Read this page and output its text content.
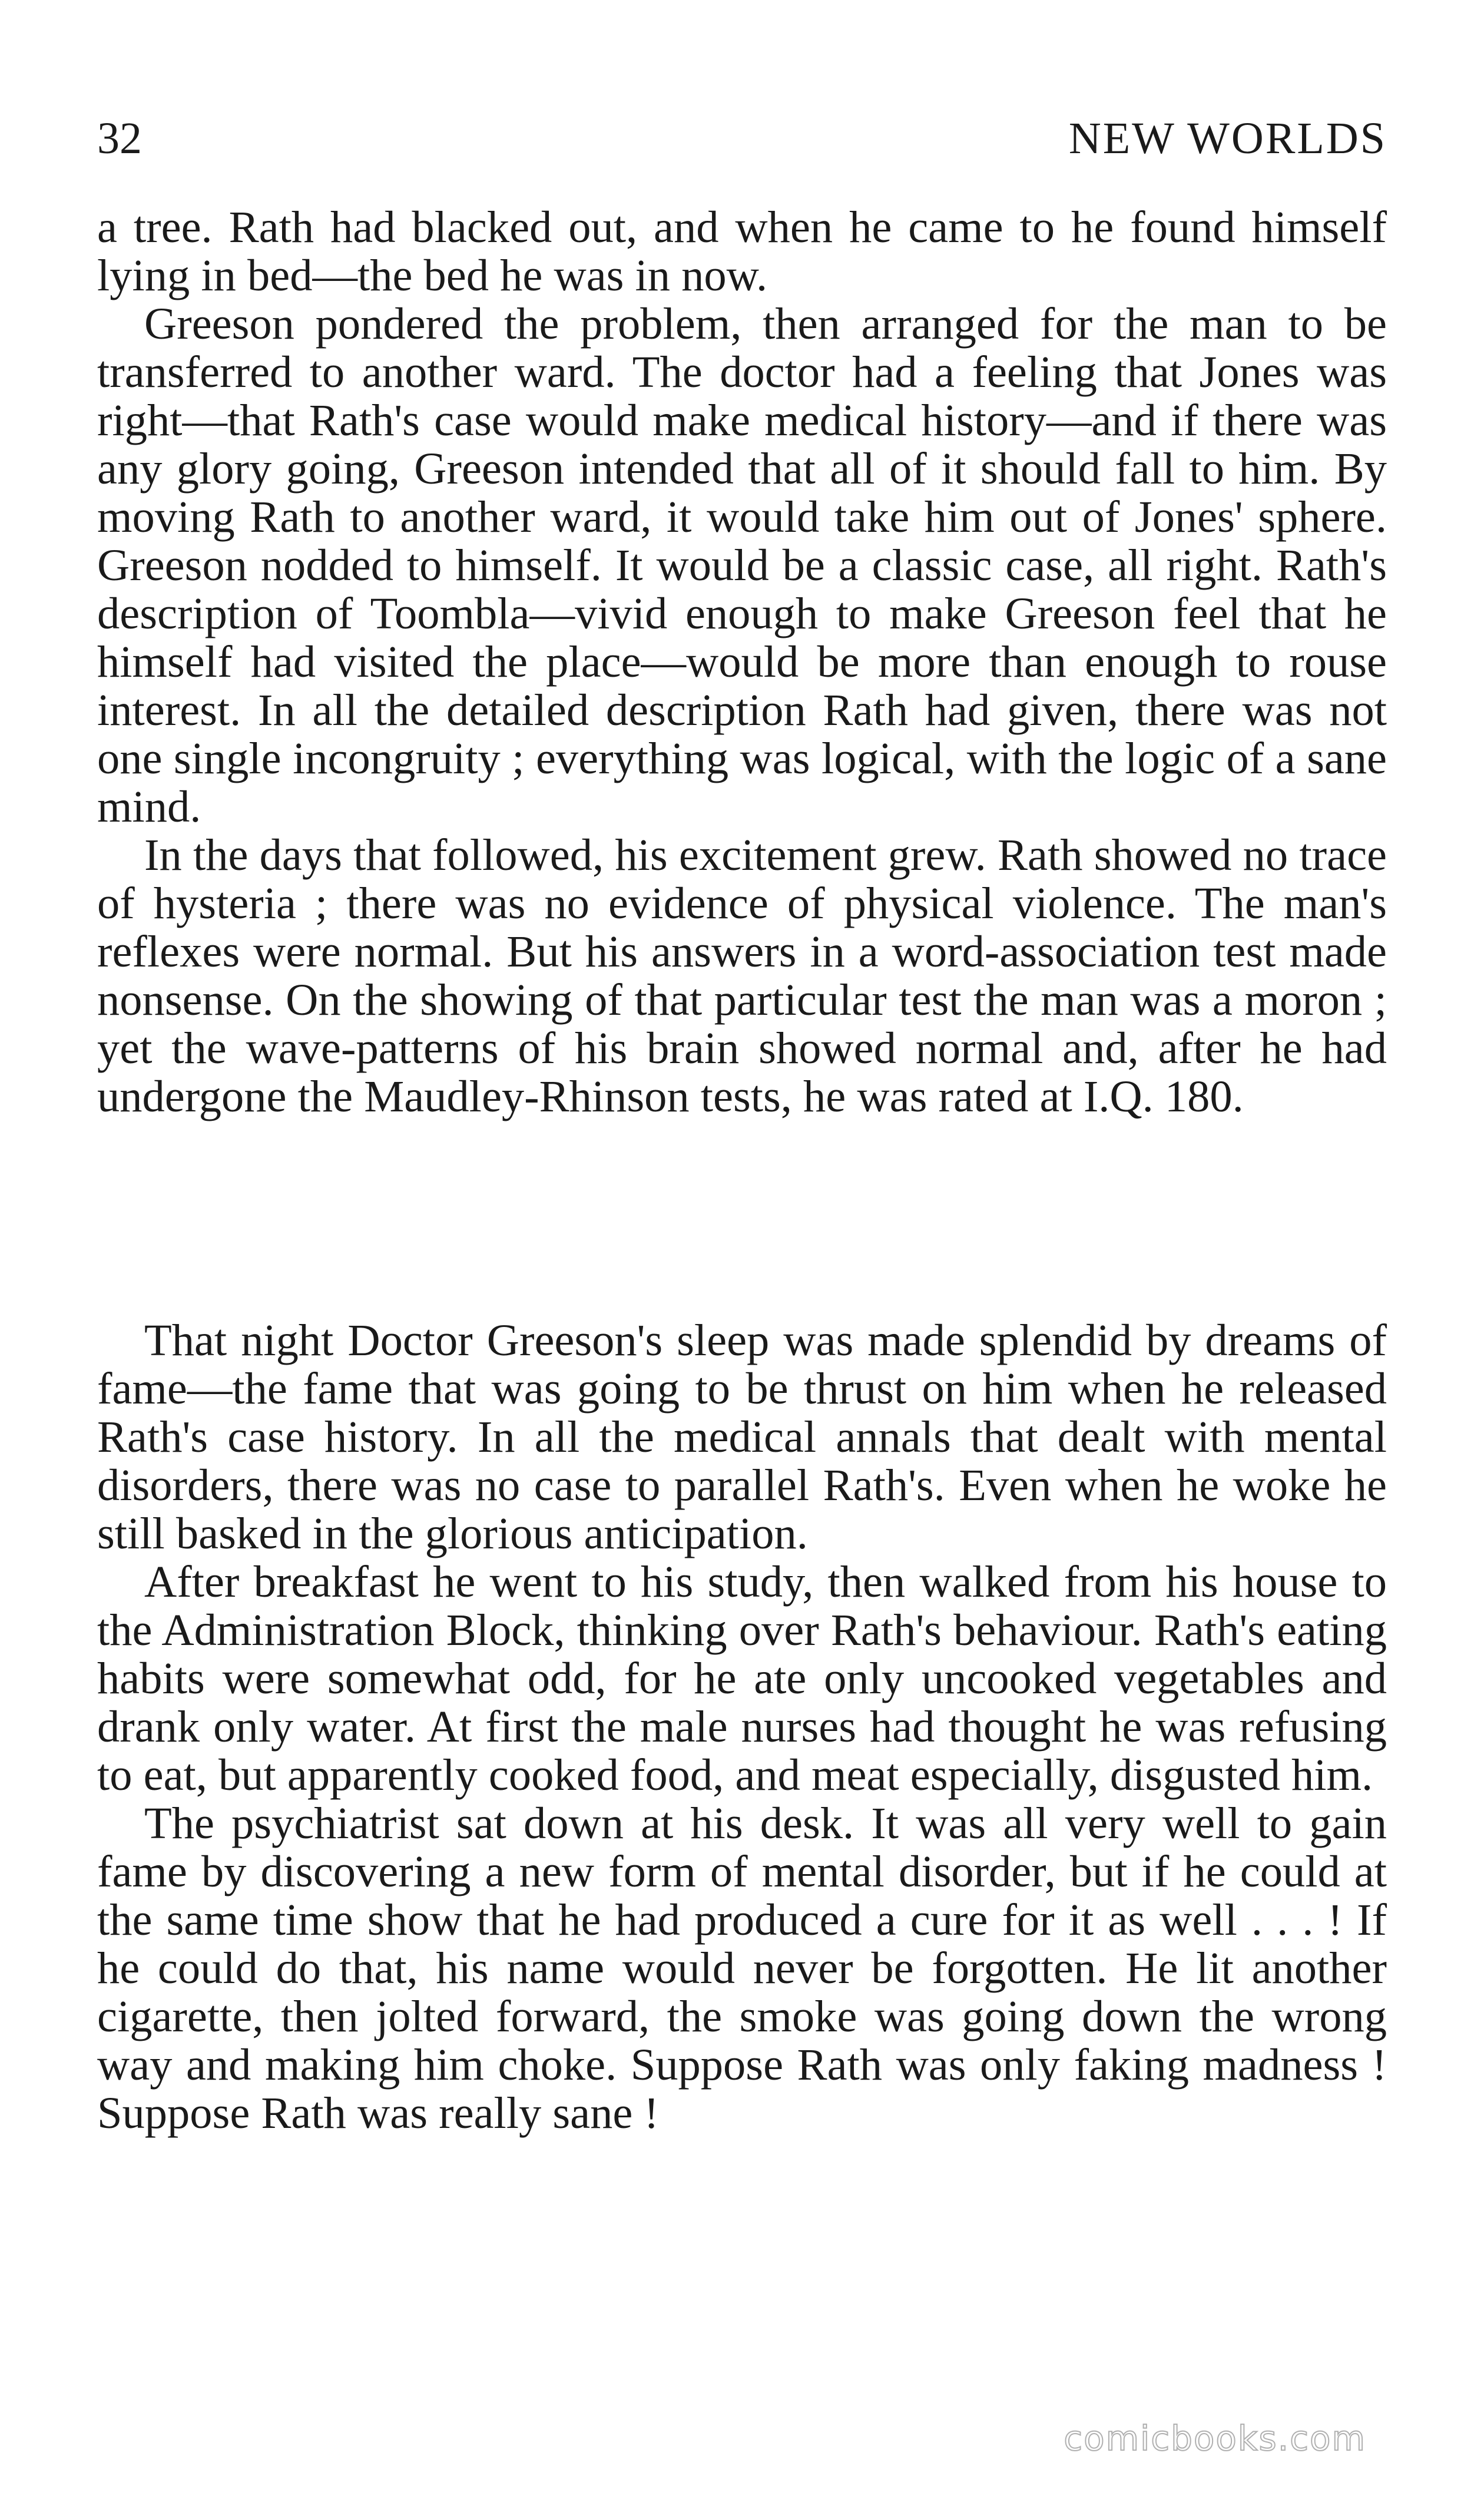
32	NEW WORLDS

a tree. Rath had blacked out, and when he came to he found himself lying in bed—the bed he was in now.

Greeson pondered the problem, then arranged for the man to be transferred to another ward. The doctor had a feeling that Jones was right—that Rath's case would make medical history—and if there was any glory going, Greeson intended that all of it should fall to him. By moving Rath to another ward, it would take him out of Jones' sphere. Greeson nodded to himself. It would be a classic case, all right. Rath's description of Toombla—vivid enough to make Greeson feel that he himself had visited the place—would be more than enough to rouse interest. In all the detailed description Rath had given, there was not one single incongruity ; everything was logical, with the logic of a sane mind.

In the days that followed, his excitement grew. Rath showed no trace of hysteria ; there was no evidence of physical violence. The man's reflexes were normal. But his answers in a word-association test made nonsense. On the showing of that particular test the man was a moron ; yet the wave-patterns of his brain showed normal and, after he had undergone the Maudley-Rhinson tests, he was rated at I.Q. 180.

That night Doctor Greeson's sleep was made splendid by dreams of fame—the fame that was going to be thrust on him when he released Rath's case history. In all the medical annals that dealt with mental disorders, there was no case to parallel Rath's. Even when he woke he still basked in the glorious anticipation.

After breakfast he went to his study, then walked from his house to the Administration Block, thinking over Rath's behaviour. Rath's eating habits were somewhat odd, for he ate only uncooked vegetables and drank only water. At first the male nurses had thought he was refusing to eat, but apparently cooked food, and meat especially, disgusted him.

The psychiatrist sat down at his desk. It was all very well to gain fame by discovering a new form of mental disorder, but if he could at the same time show that he had produced a cure for it as well . . . ! If he could do that, his name would never be forgotten. He lit another cigarette, then jolted forward, the smoke was going down the wrong way and making him choke. Suppose Rath was only faking madness ! Suppose Rath was really sane !

comicbooks.com
